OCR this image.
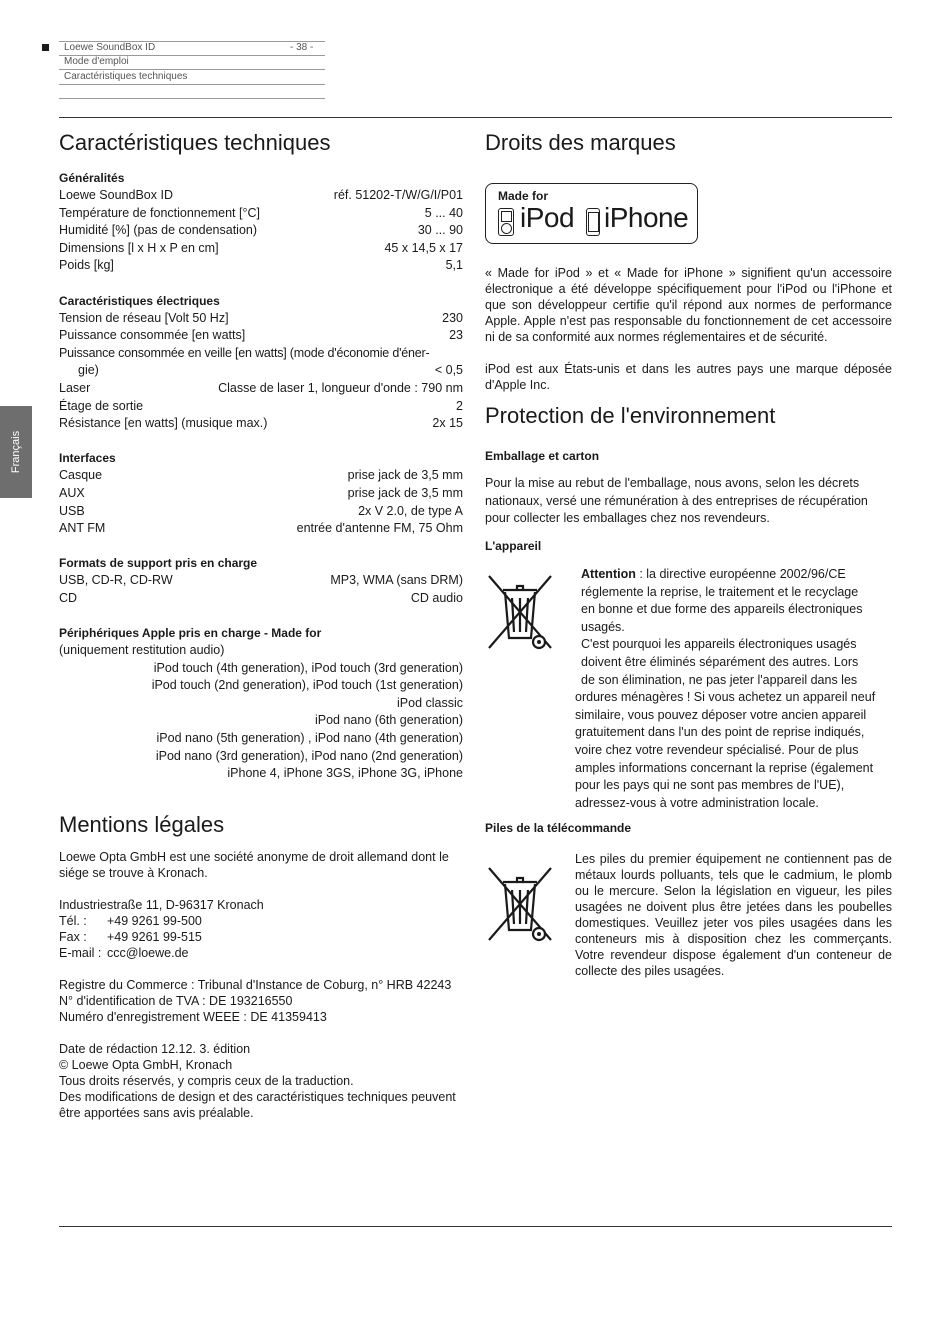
Loewe SoundBox ID	- 38 -
Mode d'emploi
Caractéristiques techniques
Français
Caractéristiques techniques
Généralités
Loewe SoundBox ID	réf. 51202-T/W/G/I/P01
Température de fonctionnement [°C]	5 ... 40
Humidité [%] (pas de condensation)	30 ... 90
Dimensions [l x H x P en cm]	45 x 14,5 x 17
Poids [kg]	5,1
Caractéristiques électriques
Tension de réseau [Volt 50 Hz]	230
Puissance consommée [en watts]	23
Puissance consommée en veille [en watts] (mode d'économie d'éner-
gie)	< 0,5
Laser	Classe de laser 1, longueur d'onde : 790 nm
Étage de sortie	2
Résistance [en watts] (musique max.)	2x 15
Interfaces
Casque	prise jack de 3,5 mm
AUX	prise jack de 3,5 mm
USB	2x V 2.0, de type A
ANT FM	entrée d'antenne FM, 75 Ohm
Formats de support pris en charge
USB, CD-R, CD-RW	MP3, WMA (sans DRM)
CD	CD audio
Périphériques Apple pris en charge - Made for
(uniquement restitution audio)
iPod touch (4th generation), iPod touch (3rd generation)
iPod touch (2nd generation), iPod touch (1st generation)
iPod classic
iPod nano (6th generation)
iPod nano (5th generation) , iPod nano (4th generation)
iPod nano (3rd generation), iPod nano (2nd generation)
iPhone 4, iPhone 3GS, iPhone 3G, iPhone
Mentions légales

Loewe Opta GmbH est une société anonyme de droit allemand dont le siége se trouve à Kronach.

Industriestraße 11, D-96317 Kronach
Tél. : +49 9261 99-500
Fax : +49 9261 99-515
E-mail : ccc@loewe.de
Registre du Commerce : Tribunal d'Instance de Coburg, n° HRB 42243
N° d'identification de TVA : DE 193216550
Numéro d'enregistrement WEEE : DE 41359413
Date de rédaction 12.12. 3. édition
© Loewe Opta GmbH, Kronach
Tous droits réservés, y compris ceux de la traduction.
Des modifications de design et des caractéristiques techniques peuvent être apportées sans avis préalable.
Droits des marques
Made for
iPod iPhone

« Made for iPod » et « Made for iPhone » signifient qu'un accessoire électronique a été développe spécifiquement pour l'iPod ou l'iPhone et que son développeur certifie qu'il répond aux normes de performance Apple. Apple n'est pas responsable du fonctionnement de cet accessoire ni de sa conformité aux normes réglementaires et de sécurité.

iPod est aux États-unis et dans les autres pays une marque déposée d'Apple Inc.

Protection de l'environnement
Emballage et carton

Pour la mise au rebut de l'emballage, nous avons, selon les décrets nationaux, versé une rémunération à des entreprises de récupération pour collecter les emballages chez nos revendeurs.

L'appareil
Attention : la directive européenne 2002/96/CE
réglemente la reprise, le traitement et le recyclage
en bonne et due forme des appareils électroniques
usagés.
C'est pourquoi les appareils électroniques usagés
doivent être éliminés séparément des autres. Lors
de son élimination, ne pas jeter l'appareil dans les

ordures ménagères ! Si vous achetez un appareil neuf similaire, vous pouvez déposer votre ancien appareil gratuitement dans l'un des point de reprise indiqués, voire chez votre revendeur spécialisé. Pour de plus amples informations concernant la reprise (également pour les pays qui ne sont pas membres de l'UE), adressez-vous à votre administration locale.

Piles de la télécommande

Les piles du premier équipement ne contiennent pas de métaux lourds polluants, tels que le cadmium, le plomb ou le mercure. Selon la législation en vigueur, les piles usagées ne doivent plus être jetées dans les poubelles domestiques. Veuillez jeter vos piles usagées dans les conteneurs mis à disposition chez les commerçants. Votre revendeur dispose également d'un conteneur de collecte des piles usagées.
